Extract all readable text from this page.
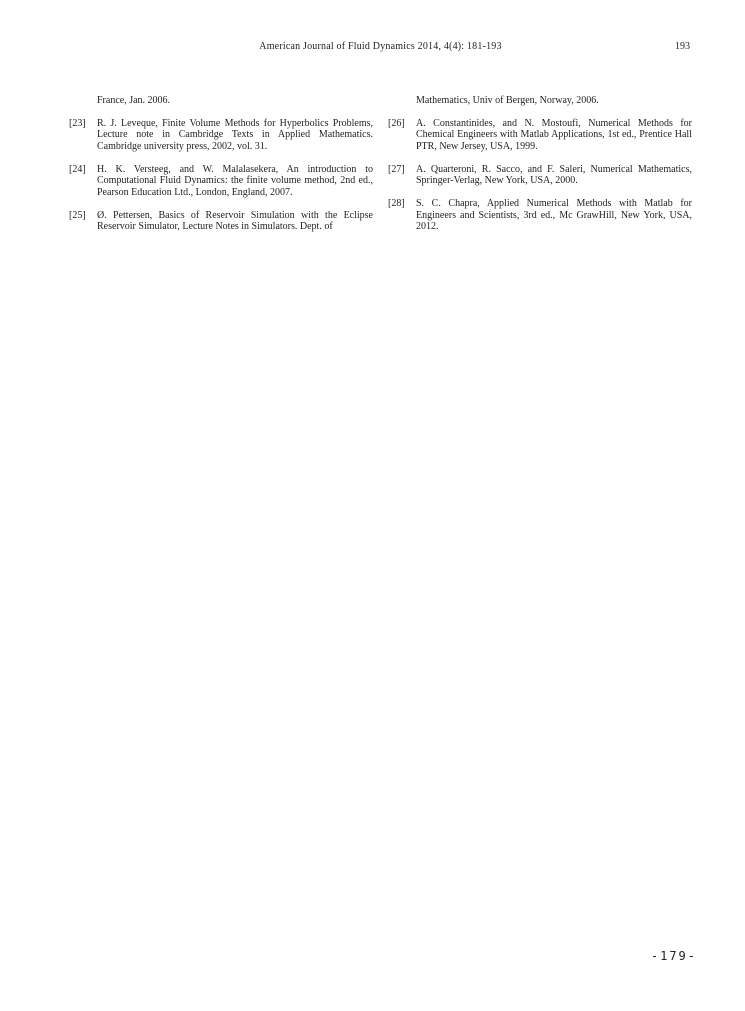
American Journal of Fluid Dynamics 2014, 4(4): 181-193	193

France, Jan. 2006.

[23]	R. J. Leveque, Finite Volume Methods for Hyperbolics Problems, Lecture note in Cambridge Texts in Applied Mathematics. Cambridge university press, 2002, vol. 31.
[24]	H. K. Versteeg, and W. Malalasekera, An introduction to Computational Fluid Dynamics: the finite volume method, 2nd ed., Pearson Education Ltd., London, England, 2007.
[25]	Ø. Pettersen, Basics of Reservoir Simulation with the Eclipse Reservoir Simulator, Lecture Notes in Simulators. Dept. of

Mathematics, Univ of Bergen, Norway, 2006.

[26]	A. Constantinides, and N. Mostoufi, Numerical Methods for Chemical Engineers with Matlab Applications, 1st ed., Prentice Hall PTR, New Jersey, USA, 1999.
[27]	A. Quarteroni, R. Sacco, and F. Saleri, Numerical Mathematics, Springer-Verlag, New York, USA, 2000.
[28]	S. C. Chapra, Applied Numerical Methods with Matlab for Engineers and Scientists, 3rd ed., Mc GrawHill, New York, USA, 2012.
-179-
